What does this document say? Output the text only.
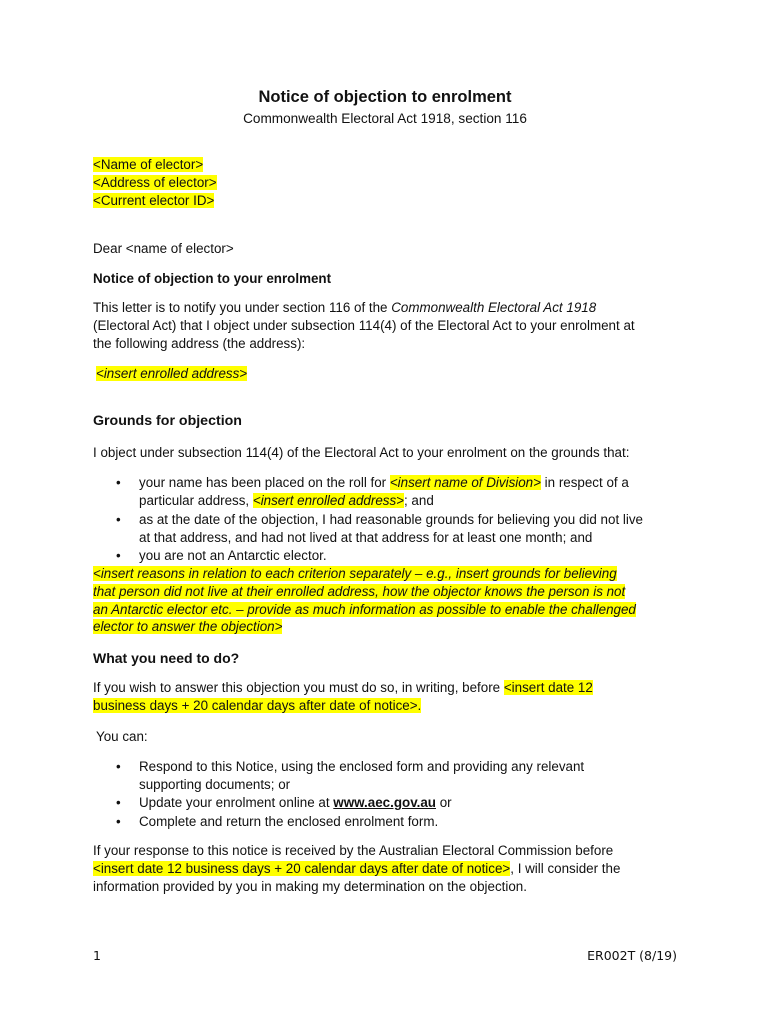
Notice of objection to enrolment
Commonwealth Electoral Act 1918, section 116
<Name of elector>
<Address of elector>
<Current elector ID>
Dear <name of elector>
Notice of objection to your enrolment
This letter is to notify you under section 116 of the Commonwealth Electoral Act 1918
(Electoral Act) that I object under subsection 114(4) of the Electoral Act to your enrolment at
the following address (the address):
<insert enrolled address>
Grounds for objection
I object under subsection 114(4) of the Electoral Act to your enrolment on the grounds that:
•	your name has been placed on the roll for <insert name of Division> in respect of a
particular address, <insert enrolled address>; and
•	as at the date of the objection, I had reasonable grounds for believing you did not live
at that address, and had not lived at that address for at least one month; and
•	you are not an Antarctic elector.
<insert reasons in relation to each criterion separately – e.g., insert grounds for believing
that person did not live at their enrolled address, how the objector knows the person is not
an Antarctic elector etc. – provide as much information as possible to enable the challenged
elector to answer the objection>
What you need to do?
If you wish to answer this objection you must do so, in writing, before <insert date 12
business days + 20 calendar days after date of notice>.
You can:
•	Respond to this Notice, using the enclosed form and providing any relevant
supporting documents; or
•	Update your enrolment online at www.aec.gov.au or
•	Complete and return the enclosed enrolment form.
If your response to this notice is received by the Australian Electoral Commission before
<insert date 12 business days + 20 calendar days after date of notice>, I will consider the
information provided by you in making my determination on the objection.
1	ER002T (8/19)
